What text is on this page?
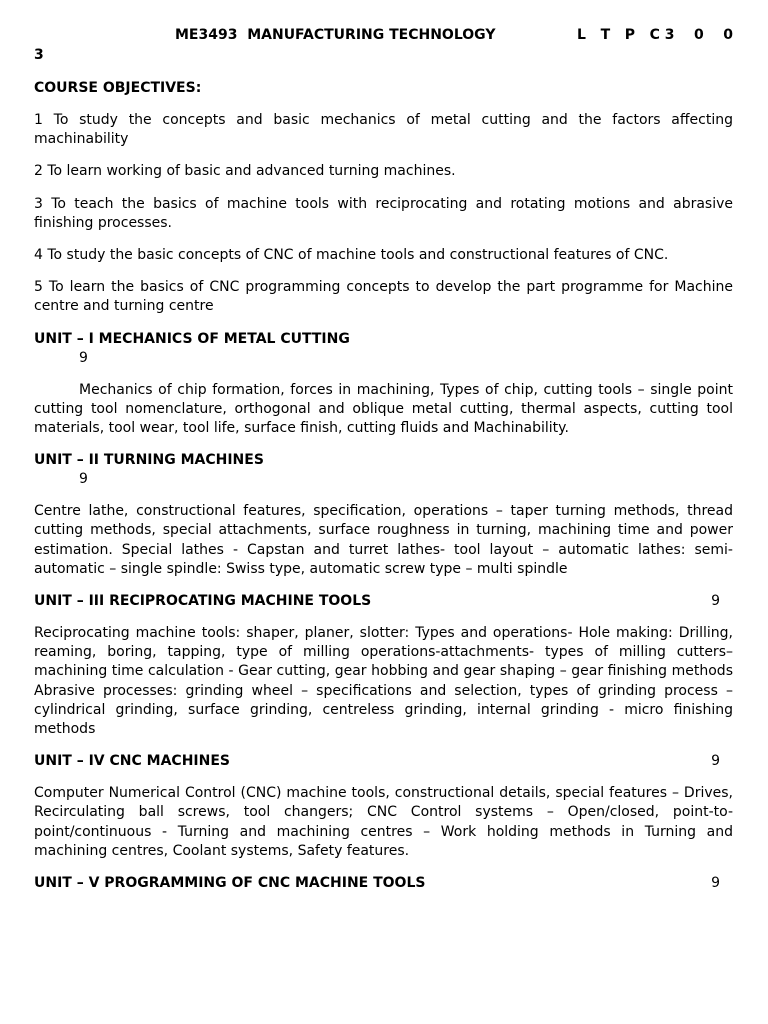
ME3493  MANUFACTURING TECHNOLOGY	L   T   P   C 3    0    0
3
COURSE OBJECTIVES:

1 To study the concepts and basic mechanics of metal cutting and the factors affecting machinability

2 To learn working of basic and advanced turning machines.

3 To teach the basics of machine tools with reciprocating and rotating motions and abrasive finishing processes.

4 To study the basic concepts of CNC of machine tools and constructional features of CNC.

5 To learn the basics of CNC programming concepts to develop the part programme for Machine centre and turning centre

UNIT – I MECHANICS OF METAL CUTTING
9

Mechanics of chip formation, forces in machining, Types of chip, cutting tools – single point cutting tool nomenclature, orthogonal and oblique metal cutting, thermal aspects, cutting tool materials, tool wear, tool life, surface finish, cutting fluids and Machinability.

UNIT – II TURNING MACHINES
9

Centre lathe, constructional features, specification, operations – taper turning methods, thread cutting methods, special attachments, surface roughness in turning, machining time and power estimation. Special lathes - Capstan and turret lathes- tool layout – automatic lathes: semi-automatic – single spindle: Swiss type, automatic screw type – multi spindle

UNIT – III RECIPROCATING MACHINE TOOLS	9

Reciprocating machine tools: shaper, planer, slotter: Types and operations- Hole making: Drilling, reaming, boring, tapping, type of milling operations-attachments- types of milling cutters–machining time calculation - Gear cutting, gear hobbing and gear shaping – gear finishing methods Abrasive processes: grinding wheel – specifications and selection, types of grinding process – cylindrical grinding, surface grinding, centreless grinding, internal grinding - micro finishing methods

UNIT – IV CNC MACHINES	9

Computer Numerical Control (CNC) machine tools, constructional details, special features – Drives, Recirculating ball screws, tool changers; CNC Control systems – Open/closed, point-to-point/continuous - Turning and machining centres – Work holding methods in Turning and machining centres, Coolant systems, Safety features.

UNIT – V PROGRAMMING OF CNC MACHINE TOOLS	9
